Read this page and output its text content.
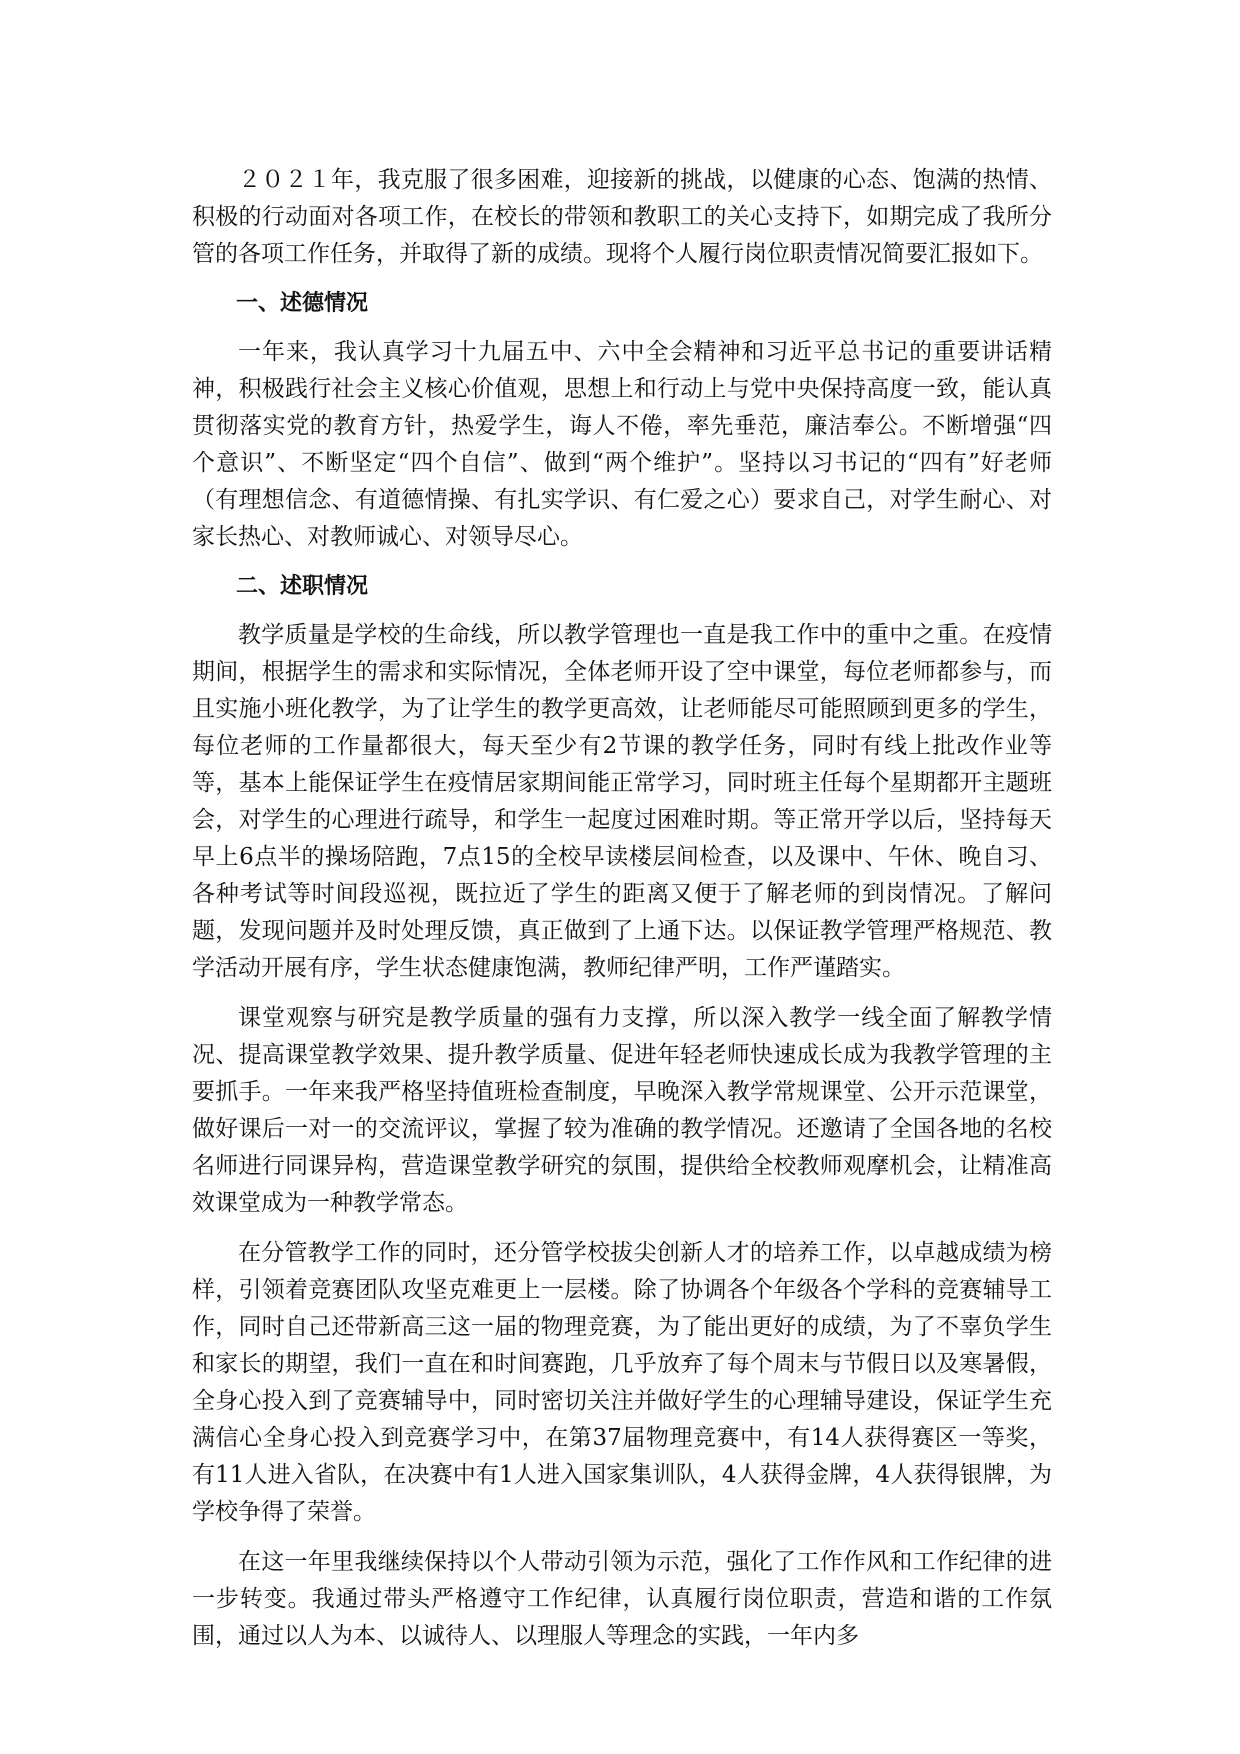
２０２１年，我克服了很多困难，迎接新的挑战，以健康的心态、饱满的热情、积极的行动面对各项工作，在校长的带领和教职工的关心支持下，如期完成了我所分管的各项工作任务，并取得了新的成绩。现将个人履行岗位职责情况简要汇报如下。

一、述德情况

一年来，我认真学习十九届五中、六中全会精神和习近平总书记的重要讲话精神，积极践行社会主义核心价值观，思想上和行动上与党中央保持高度一致，能认真贯彻落实党的教育方针，热爱学生，诲人不倦，率先垂范，廉洁奉公。不断增强“四个意识”、不断坚定“四个自信”、做到“两个维护”。坚持以习书记的“四有”好老师（有理想信念、有道德情操、有扎实学识、有仁爱之心）要求自己，对学生耐心、对家长热心、对教师诚心、对领导尽心。

二、述职情况

教学质量是学校的生命线，所以教学管理也一直是我工作中的重中之重。在疫情期间，根据学生的需求和实际情况，全体老师开设了空中课堂，每位老师都参与，而且实施小班化教学，为了让学生的教学更高效，让老师能尽可能照顾到更多的学生，每位老师的工作量都很大，每天至少有2节课的教学任务，同时有线上批改作业等等，基本上能保证学生在疫情居家期间能正常学习，同时班主任每个星期都开主题班会，对学生的心理进行疏导，和学生一起度过困难时期。等正常开学以后，坚持每天早上6点半的操场陪跑，7点15的全校早读楼层间检查，以及课中、午休、晚自习、各种考试等时间段巡视，既拉近了学生的距离又便于了解老师的到岗情况。了解问题，发现问题并及时处理反馈，真正做到了上通下达。以保证教学管理严格规范、教学活动开展有序，学生状态健康饱满，教师纪律严明，工作严谨踏实。

课堂观察与研究是教学质量的强有力支撑，所以深入教学一线全面了解教学情况、提高课堂教学效果、提升教学质量、促进年轻老师快速成长成为我教学管理的主要抓手。一年来我严格坚持值班检查制度，早晚深入教学常规课堂、公开示范课堂，做好课后一对一的交流评议，掌握了较为准确的教学情况。还邀请了全国各地的名校名师进行同课异构，营造课堂教学研究的氛围，提供给全校教师观摩机会，让精准高效课堂成为一种教学常态。

在分管教学工作的同时，还分管学校拔尖创新人才的培养工作，以卓越成绩为榜样，引领着竞赛团队攻坚克难更上一层楼。除了协调各个年级各个学科的竞赛辅导工作，同时自己还带新高三这一届的物理竞赛，为了能出更好的成绩，为了不辜负学生和家长的期望，我们一直在和时间赛跑，几乎放弃了每个周末与节假日以及寒暑假，全身心投入到了竞赛辅导中，同时密切关注并做好学生的心理辅导建设，保证学生充满信心全身心投入到竞赛学习中，在第37届物理竞赛中，有14人获得赛区一等奖，有11人进入省队，在决赛中有1人进入国家集训队，4人获得金牌，4人获得银牌，为学校争得了荣誉。

在这一年里我继续保持以个人带动引领为示范，强化了工作作风和工作纪律的进一步转变。我通过带头严格遵守工作纪律，认真履行岗位职责，营造和谐的工作氛围，通过以人为本、以诚待人、以理服人等理念的实践，一年内多
